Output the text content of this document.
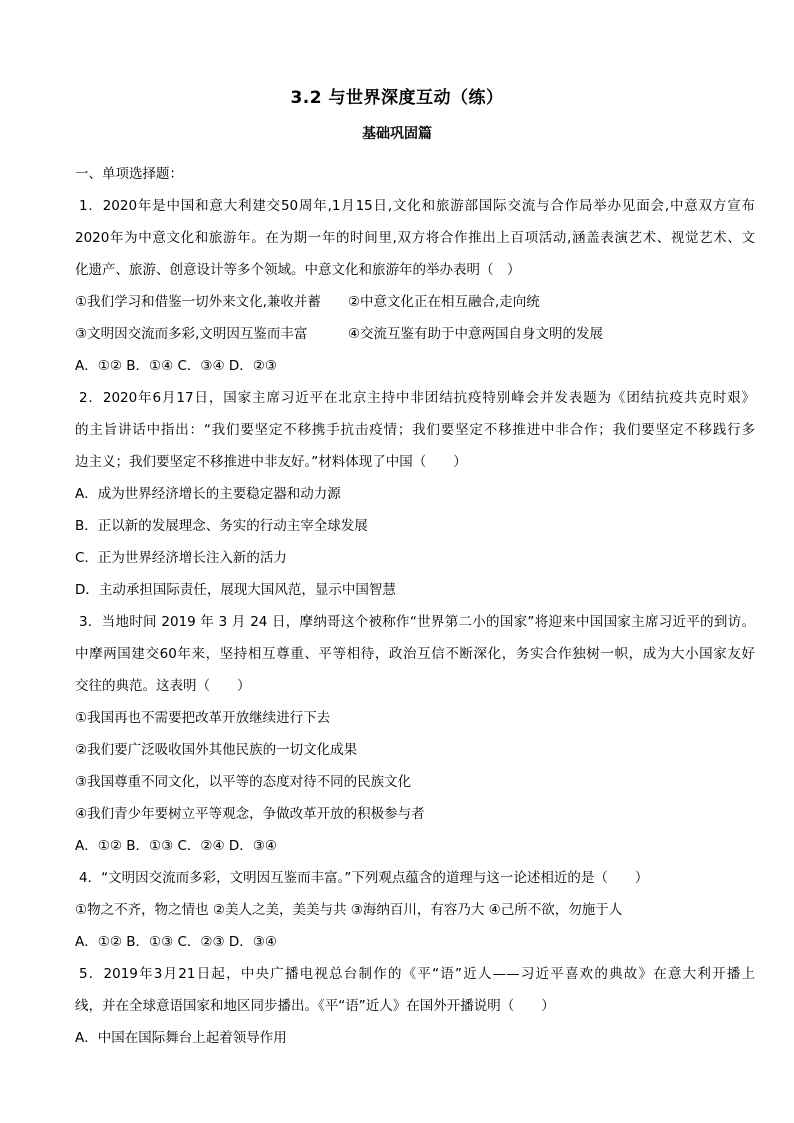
3.2 与世界深度互动（练）
基础巩固篇
一、单项选择题：
1．2020年是中国和意大利建交50周年,1月15日,文化和旅游部国际交流与合作局举办见面会,中意双方宣布
2020年为中意文化和旅游年。在为期一年的时间里,双方将合作推出上百项活动,涵盖表演艺术、视觉艺术、文
化遗产、旅游、创意设计等多个领域。中意文化和旅游年的举办表明（　）
①我们学习和借鉴一切外来文化,兼收并蓄　　②中意文化正在相互融合,走向统
③文明因交流而多彩,文明因互鉴而丰富　　　④交流互鉴有助于中意两国自身文明的发展
A．①② B．①④ C．③④ D．②③
2．2020年6月17日，国家主席习近平在北京主持中非团结抗疫特别峰会并发表题为《团结抗疫共克时艰》
的主旨讲话中指出：“我们要坚定不移携手抗击疫情；我们要坚定不移推进中非合作；我们要坚定不移践行多
边主义；我们要坚定不移推进中非友好。”材料体现了中国（　　）
A．成为世界经济增长的主要稳定器和动力源
B．正以新的发展理念、务实的行动主宰全球发展
C．正为世界经济增长注入新的活力
D．主动承担国际责任，展现大国风范，显示中国智慧
3．当地时间 2019 年 3 月 24 日，摩纳哥这个被称作“世界第二小的国家”将迎来中国国家主席习近平的到访。
中摩两国建交60年来，坚持相互尊重、平等相待，政治互信不断深化，务实合作独树一帜，成为大小国家友好
交往的典范。这表明（　　）
①我国再也不需要把改革开放继续进行下去
②我们要广泛吸收国外其他民族的一切文化成果
③我国尊重不同文化，以平等的态度对待不同的民族文化
④我们青少年要树立平等观念，争做改革开放的积极参与者
A．①② B．①③ C．②④ D．③④
4．“文明因交流而多彩，文明因互鉴而丰富。”下列观点蕴含的道理与这一论述相近的是（　　）
①物之不齐，物之情也 ②美人之美，美美与共 ③海纳百川，有容乃大 ④己所不欲，勿施于人
A．①② B．①③ C．②③ D．③④
5．2019年3月21日起，中央广播电视总台制作的《平“语”近人——习近平喜欢的典故》在意大利开播上
线，并在全球意语国家和地区同步播出。《平“语”近人》在国外开播说明（　　）
A．中国在国际舞台上起着领导作用
